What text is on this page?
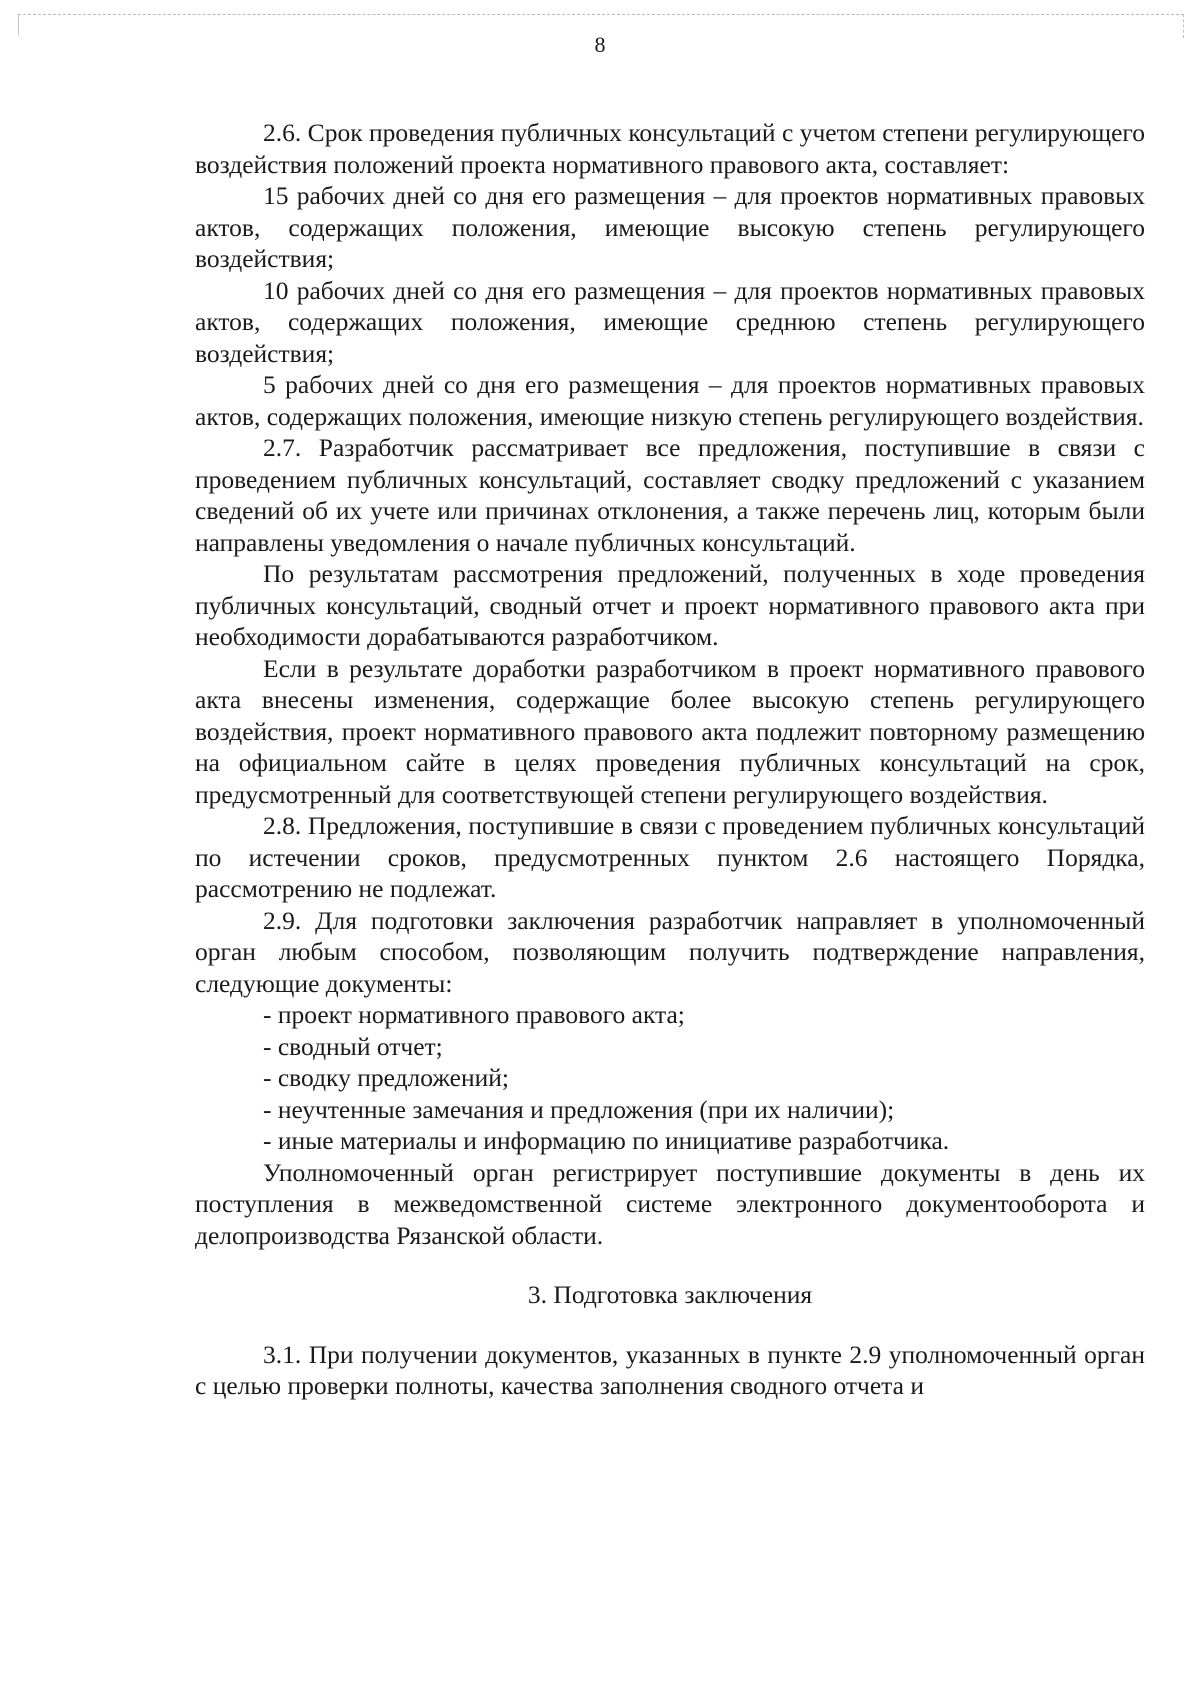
8

2.6. Срок проведения публичных консультаций с учетом степени регулирующего воздействия положений проекта нормативного правового акта, составляет:

15 рабочих дней со дня его размещения – для проектов нормативных правовых актов, содержащих положения, имеющие высокую степень регулирующего воздействия;

10 рабочих дней со дня его размещения – для проектов нормативных правовых актов, содержащих положения, имеющие среднюю степень регулирующего воздействия;

5 рабочих дней со дня его размещения – для проектов нормативных правовых актов, содержащих положения, имеющие низкую степень регулирующего воздействия.

2.7. Разработчик рассматривает все предложения, поступившие в связи с проведением публичных консультаций, составляет сводку предложений с указанием сведений об их учете или причинах отклонения, а также перечень лиц, которым были направлены уведомления о начале публичных консультаций.

По результатам рассмотрения предложений, полученных в ходе проведения публичных консультаций, сводный отчет и проект нормативного правового акта при необходимости дорабатываются разработчиком.

Если в результате доработки разработчиком в проект нормативного правового акта внесены изменения, содержащие более высокую степень регулирующего воздействия, проект нормативного правового акта подлежит повторному размещению на официальном сайте в целях проведения публичных консультаций на срок, предусмотренный для соответствующей степени регулирующего воздействия.

2.8. Предложения, поступившие в связи с проведением публичных консультаций по истечении сроков, предусмотренных пунктом 2.6 настоящего Порядка, рассмотрению не подлежат.

2.9. Для подготовки заключения разработчик направляет в уполномоченный орган любым способом, позволяющим получить подтверждение направления, следующие документы:

- проект нормативного правового акта;

- сводный отчет;

- сводку предложений;

- неучтенные замечания и предложения (при их наличии);

- иные материалы и информацию по инициативе разработчика.

Уполномоченный орган регистрирует поступившие документы в день их поступления в межведомственной системе электронного документооборота и делопроизводства Рязанской области.

3. Подготовка заключения

3.1. При получении документов, указанных в пункте 2.9 уполномоченный орган с целью проверки полноты, качества заполнения сводного отчета и
